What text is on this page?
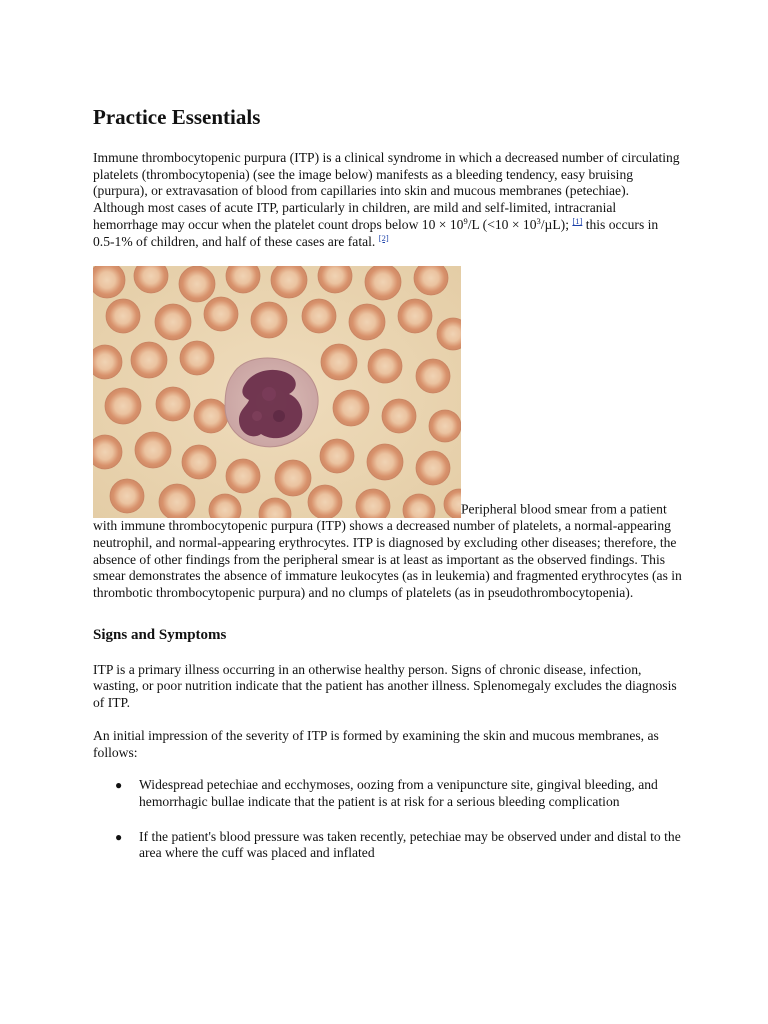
Practice Essentials

Immune thrombocytopenic purpura (ITP) is a clinical syndrome in which a decreased number of circulating platelets (thrombocytopenia) (see the image below) manifests as a bleeding tendency, easy bruising (purpura), or extravasation of blood from capillaries into skin and mucous membranes (petechiae). Although most cases of acute ITP, particularly in children, are mild and self-limited, intracranial hemorrhage may occur when the platelet count drops below $10 \times 10^9/L$ $(<10 \times 10^3/\mu L)$; [1] this occurs in 0.5-1% of children, and half of these cases are fatal. [2]

Peripheral blood smear from a patient with immune thrombocytopenic purpura (ITP) shows a decreased number of platelets, a normal-appearing neutrophil, and normal-appearing erythrocytes. ITP is diagnosed by excluding other diseases; therefore, the absence of other findings from the peripheral smear is at least as important as the observed findings. This smear demonstrates the absence of immature leukocytes (as in leukemia) and fragmented erythrocytes (as in thrombotic thrombocytopenic purpura) and no clumps of platelets (as in pseudothrombocytopenia).

Signs and Symptoms

ITP is a primary illness occurring in an otherwise healthy person. Signs of chronic disease, infection, wasting, or poor nutrition indicate that the patient has another illness. Splenomegaly excludes the diagnosis of ITP.

An initial impression of the severity of ITP is formed by examining the skin and mucous membranes, as follows:

● Widespread petechiae and ecchymoses, oozing from a venipuncture site, gingival bleeding, and hemorrhagic bullae indicate that the patient is at risk for a serious bleeding complication
● If the patient's blood pressure was taken recently, petechiae may be observed under and distal to the area where the cuff was placed and inflated
